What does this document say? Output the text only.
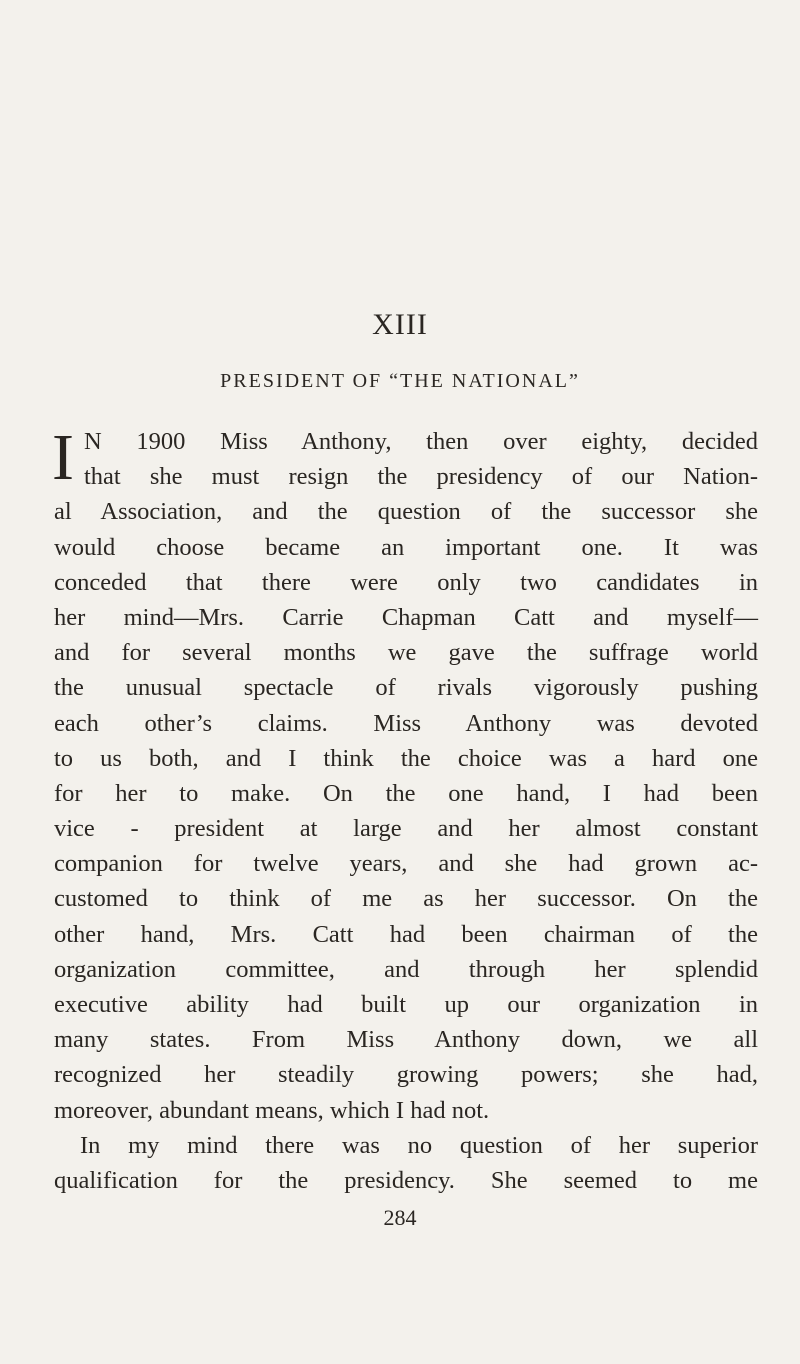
XIII
PRESIDENT OF “THE NATIONAL”
I N 1900 Miss Anthony, then over eighty, decided
that she must resign the presidency of our Nation-
al Association, and the question of the successor she
would choose became an important one. It was
conceded that there were only two candidates in
her mind—Mrs. Carrie Chapman Catt and myself—
and for several months we gave the suffrage world
the unusual spectacle of rivals vigorously pushing
each other’s claims. Miss Anthony was devoted
to us both, and I think the choice was a hard one
for her to make. On the one hand, I had been
vice - president at large and her almost constant
companion for twelve years, and she had grown ac-
customed to think of me as her successor. On the
other hand, Mrs. Catt had been chairman of the
organization committee, and through her splendid
executive ability had built up our organization in
many states. From Miss Anthony down, we all
recognized her steadily growing powers; she had,
moreover, abundant means, which I had not.
In my mind there was no question of her superior
qualification for the presidency. She seemed to me
284
